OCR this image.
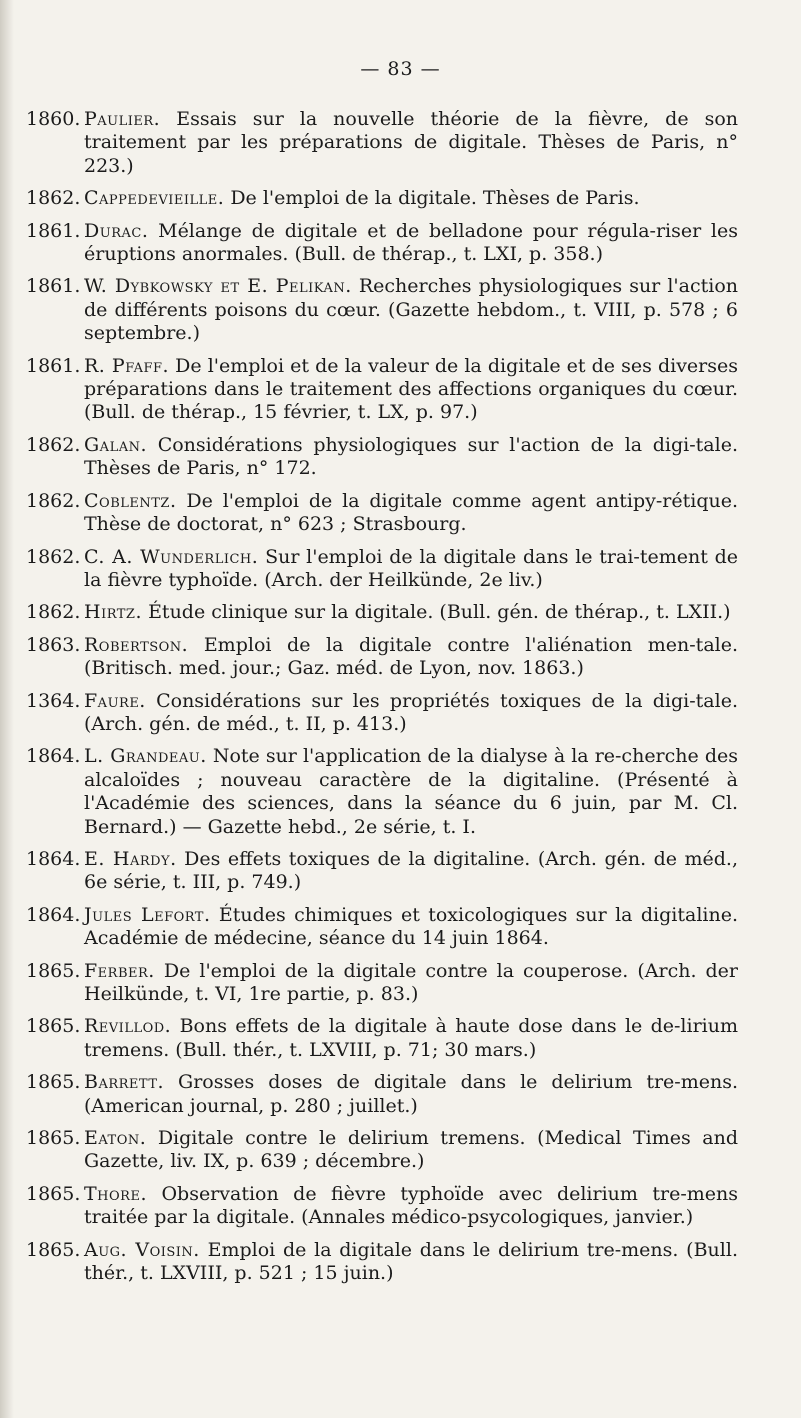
— 83 —
1860. Paulier. Essais sur la nouvelle théorie de la fièvre, de son traitement par les préparations de digitale. Thèses de Paris, n° 223.)
1862. Cappedevieille. De l'emploi de la digitale. Thèses de Paris.
1861. Durac. Mélange de digitale et de belladone pour régula-riser les éruptions anormales. (Bull. de thérap., t. LXI, p. 358.)
1861. W. Dybkowsky et E. Pelikan. Recherches physiologiques sur l'action de différents poisons du cœur. (Gazette hebdom., t. VIII, p. 578 ; 6 septembre.)
1861. R. Pfaff. De l'emploi et de la valeur de la digitale et de ses diverses préparations dans le traitement des affections organiques du cœur. (Bull. de thérap., 15 février, t. LX, p. 97.)
1862. Galan. Considérations physiologiques sur l'action de la digi-tale. Thèses de Paris, n° 172.
1862. Coblentz. De l'emploi de la digitale comme agent antipy-rétique. Thèse de doctorat, n° 623 ; Strasbourg.
1862. C. A. Wunderlich. Sur l'emploi de la digitale dans le trai-tement de la fièvre typhoïde. (Arch. der Heilkünde, 2e liv.)
1862. Hirtz. Étude clinique sur la digitale. (Bull. gén. de thérap., t. LXII.)
1863. Robertson. Emploi de la digitale contre l'aliénation men-tale. (Britisch. med. jour.; Gaz. méd. de Lyon, nov. 1863.)
1364. Faure. Considérations sur les propriétés toxiques de la digi-tale. (Arch. gén. de méd., t. II, p. 413.)
1864. L. Grandeau. Note sur l'application de la dialyse à la re-cherche des alcaloïdes ; nouveau caractère de la digitaline. (Présenté à l'Académie des sciences, dans la séance du 6 juin, par M. Cl. Bernard.) — Gazette hebd., 2e série, t. I.
1864. E. Hardy. Des effets toxiques de la digitaline. (Arch. gén. de méd., 6e série, t. III, p. 749.)
1864. Jules Lefort. Études chimiques et toxicologiques sur la digitaline. Académie de médecine, séance du 14 juin 1864.
1865. Ferber. De l'emploi de la digitale contre la couperose. (Arch. der Heilkünde, t. VI, 1re partie, p. 83.)
1865. Revillod. Bons effets de la digitale à haute dose dans le de-lirium tremens. (Bull. thér., t. LXVIII, p. 71; 30 mars.)
1865. Barrett. Grosses doses de digitale dans le delirium tre-mens. (American journal, p. 280 ; juillet.)
1865. Eaton. Digitale contre le delirium tremens. (Medical Times and Gazette, liv. IX, p. 639 ; décembre.)
1865. Thore. Observation de fièvre typhoïde avec delirium tre-mens traitée par la digitale. (Annales médico-psycologiques, janvier.)
1865. Aug. Voisin. Emploi de la digitale dans le delirium tre-mens. (Bull. thér., t. LXVIII, p. 521 ; 15 juin.)
